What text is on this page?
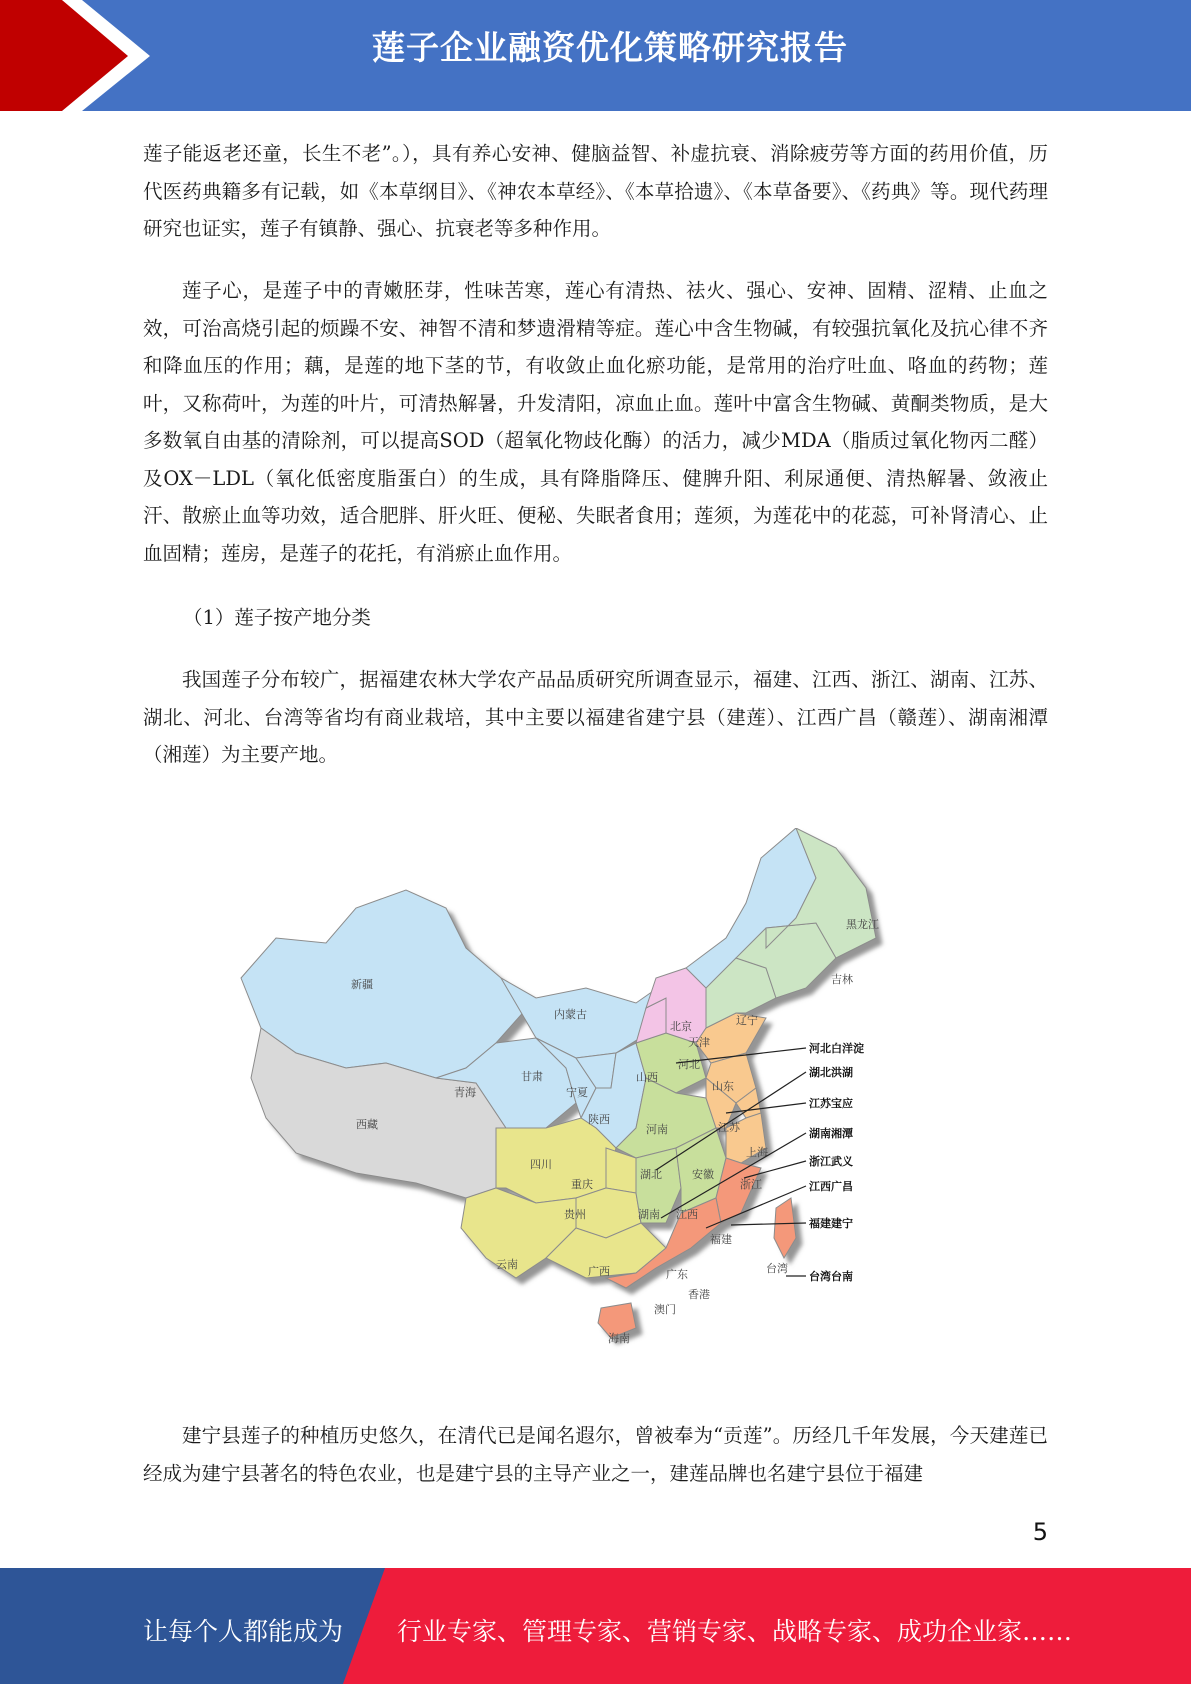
莲子企业融资优化策略研究报告

莲子能返老还童，长生不老”。），具有养心安神、健脑益智、补虚抗衰、消除疲劳等方面的药用价值，历代医药典籍多有记载，如《本草纲目》、《神农本草经》、《本草拾遗》、《本草备要》、《药典》等。现代药理研究也证实，莲子有镇静、强心、抗衰老等多种作用。

莲子心，是莲子中的青嫩胚芽，性味苦寒，莲心有清热、祛火、强心、安神、固精、涩精、止血之效，可治高烧引起的烦躁不安、神智不清和梦遗滑精等症。莲心中含生物碱，有较强抗氧化及抗心律不齐和降血压的作用；藕，是莲的地下茎的节，有收敛止血化瘀功能，是常用的治疗吐血、咯血的药物；莲叶，又称荷叶，为莲的叶片，可清热解暑，升发清阳，凉血止血。莲叶中富含生物碱、黄酮类物质，是大多数氧自由基的清除剂，可以提高SOD（超氧化物歧化酶）的活力，减少MDA（脂质过氧化物丙二醛）及OX－LDL（氧化低密度脂蛋白）的生成，具有降脂降压、健脾升阳、利尿通便、清热解暑、敛液止汗、散瘀止血等功效，适合肥胖、肝火旺、便秘、失眠者食用；莲须，为莲花中的花蕊，可补肾清心、止血固精；莲房，是莲子的花托，有消瘀止血作用。

（1）莲子按产地分类

我国莲子分布较广，据福建农林大学农产品品质研究所调查显示，福建、江西、浙江、湖南、江苏、湖北、河北、台湾等省均有商业栽培，其中主要以福建省建宁县（建莲）、江西广昌（赣莲）、湖南湘潭（湘莲）为主要产地。

新疆
西藏
青海
内蒙古
甘肃
宁夏
陕西
四川
重庆
贵州
云南
广西	广东
海南
湖南
湖北
河南
山西
河北
北京
天津
山东
江苏
安徽
上海
浙江
江西
福建
台湾
辽宁
吉林
黑龙江
香港
澳门
河北白洋淀
湖北洪湖
江苏宝应
湖南湘潭
浙江武义
江西广昌
福建建宁
台湾台南

建宁县莲子的种植历史悠久，在清代已是闻名遐尔，曾被奉为“贡莲”。历经几千年发展，今天建莲已经成为建宁县著名的特色农业，也是建宁县的主导产业之一，建莲品牌也名建宁县位于福建

5
让每个人都能成为 行业专家、管理专家、营销专家、战略专家、成功企业家……
